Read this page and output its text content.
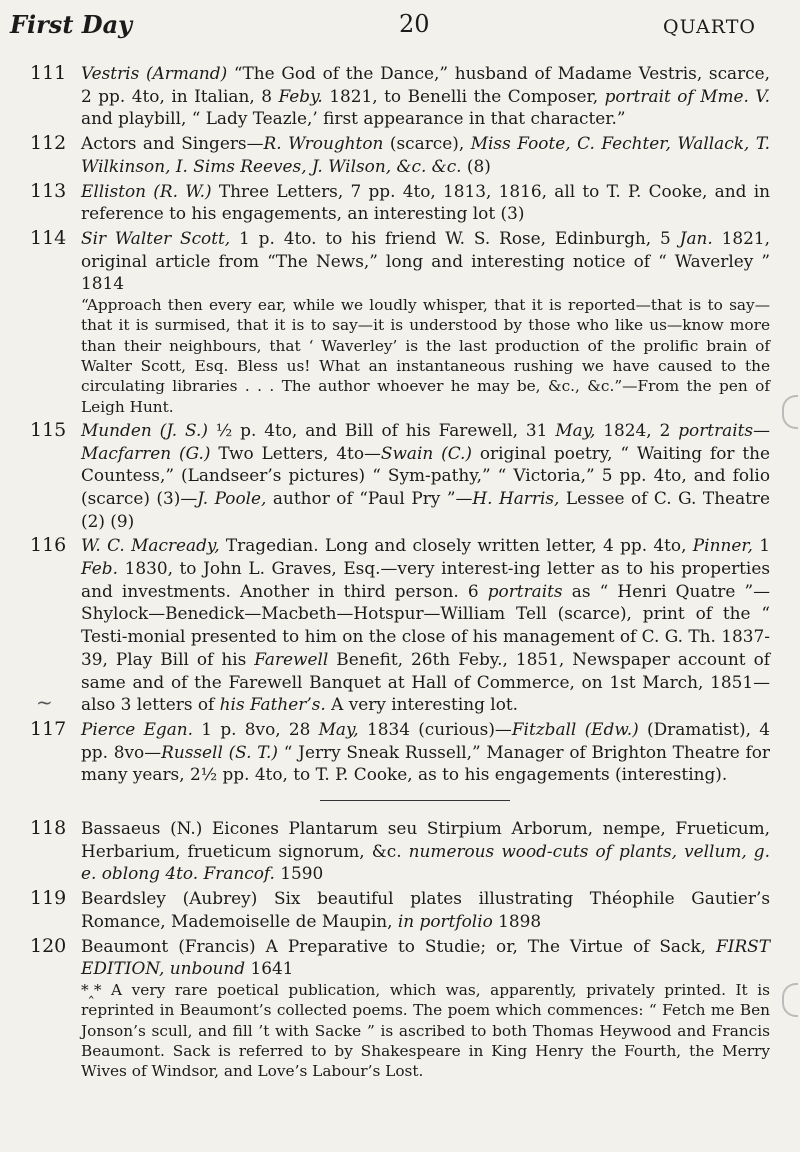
First Day	20	QUARTO
111 Vestris (Armand) “The God of the Dance,” husband of Madame Vestris, scarce, 2 pp. 4to, in Italian, 8 Feby. 1821, to Benelli the Composer, portrait of Mme. V. and playbill, “ Lady Teazle,’ first appearance in that character.”
112 Actors and Singers—R. Wroughton (scarce), Miss Foote, C. Fechter, Wallack, T. Wilkinson, I. Sims Reeves, J. Wilson, &c. &c. (8)
113 Elliston (R. W.) Three Letters, 7 pp. 4to, 1813, 1816, all to T. P. Cooke, and in reference to his engagements, an interesting lot (3)
114 Sir Walter Scott, 1 p. 4to. to his friend W. S. Rose, Edinburgh, 5 Jan. 1821, original article from “The News,” long and interesting notice of “ Waverley ” 1814
“Approach then every ear, while we loudly whisper, that it is reported—that is to say—that it is surmised, that it is to say—it is understood by those who like us—know more than their neighbours, that ‘ Waverley’ is the last production of the prolific brain of Walter Scott, Esq. Bless us! What an instantaneous rushing we have caused to the circulating libraries . . . The author whoever he may be, &c., &c.”—From the pen of Leigh Hunt.
115 Munden (J. S.) ½ p. 4to, and Bill of his Farewell, 31 May, 1824, 2 portraits—Macfarren (G.) Two Letters, 4to—Swain (C.) original poetry, “ Waiting for the Countess,” (Landseer’s pictures) “ Sym-pathy,” “ Victoria,” 5 pp. 4to, and folio (scarce) (3)—J. Poole, author of “Paul Pry ”—H. Harris, Lessee of C. G. Theatre (2) (9)
116 W. C. Macready, Tragedian. Long and closely written letter, 4 pp. 4to, Pinner, 1 Feb. 1830, to John L. Graves, Esq.—very interest-ing letter as to his properties and investments. Another in third person. 6 portraits as “ Henri Quatre ”—Shylock—Benedick—Macbeth—Hotspur—William Tell (scarce), print of the “ Testi-monial presented to him on the close of his management of C. G. Th. 1837-39, Play Bill of his Farewell Benefit, 26th Feby., 1851, Newspaper account of same and of the Farewell Banquet at Hall of Commerce, on 1st March, 1851—also 3 letters of his Father’s. A very interesting lot.
117 Pierce Egan. 1 p. 8vo, 28 May, 1834 (curious)—Fitzball (Edw.) (Dramatist), 4 pp. 8vo—Russell (S. T.) “ Jerry Sneak Russell,” Manager of Brighton Theatre for many years, 2½ pp. 4to, to T. P. Cooke, as to his engagements (interesting).
118 Bassaeus (N.) Eicones Plantarum seu Stirpium Arborum, nempe, Frueticum, Herbarium, frueticum signorum, &c. numerous wood-cuts of plants, vellum, g. e. oblong 4to. Francof. 1590
119 Beardsley (Aubrey) Six beautiful plates illustrating Théophile Gautier’s Romance, Mademoiselle de Maupin, in portfolio 1898
120 Beaumont (Francis) A Preparative to Studie; or, The Virtue of Sack, FIRST EDITION, unbound 1641
*‸* A very rare poetical publication, which was, apparently, privately printed. It is reprinted in Beaumont’s collected poems. The poem which commences: “ Fetch me Ben Jonson’s scull, and fill ’t with Sacke ” is ascribed to both Thomas Heywood and Francis Beaumont. Sack is referred to by Shakespeare in King Henry the Fourth, the Merry Wives of Windsor, and Love’s Labour’s Lost.
~
